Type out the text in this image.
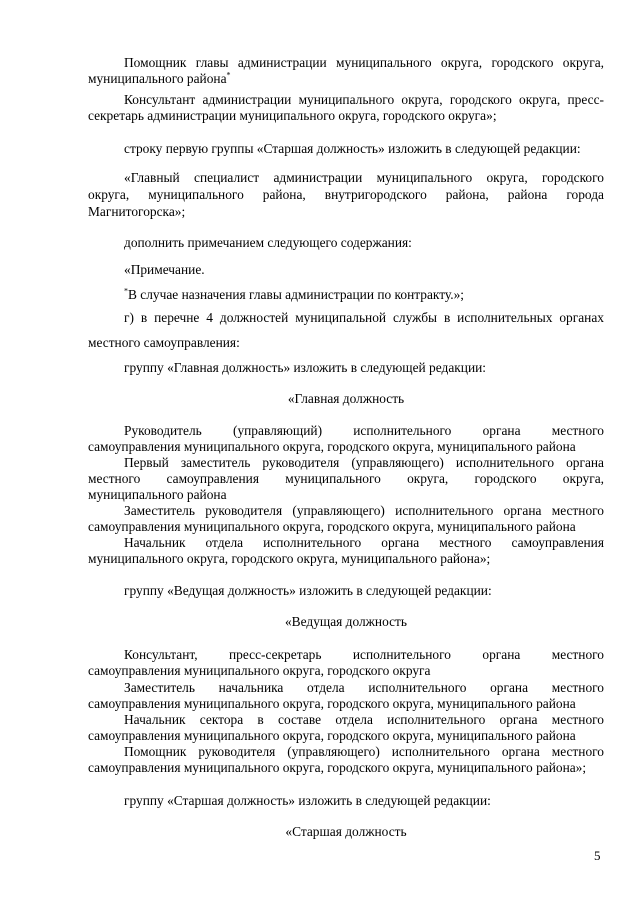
Помощник главы администрации муниципального округа, городского округа,
муниципального района*
Консультант администрации муниципального округа, городского округа, пресс-
секретарь администрации муниципального округа, городского округа»;
строку первую группы «Старшая должность» изложить в следующей редакции:
«Главный специалист администрации муниципального округа, городского
округа, муниципального района, внутригородского района, района города
Магнитогорска»;
дополнить примечанием следующего содержания:
«Примечание.
*В случае назначения главы администрации по контракту.»;
г) в перечне 4 должностей муниципальной службы в исполнительных органах
местного самоуправления:
группу «Главная должность» изложить в следующей редакции:
«Главная должность
Руководитель (управляющий) исполнительного органа местного
самоуправления муниципального округа, городского округа, муниципального района
Первый заместитель руководителя (управляющего) исполнительного органа
местного самоуправления муниципального округа, городского округа,
муниципального района
Заместитель руководителя (управляющего) исполнительного органа местного
самоуправления муниципального округа, городского округа, муниципального района
Начальник отдела исполнительного органа местного самоуправления
муниципального округа, городского округа, муниципального района»;
группу «Ведущая должность» изложить в следующей редакции:
«Ведущая должность
Консультант, пресс-секретарь исполнительного органа местного
самоуправления муниципального округа, городского округа
Заместитель начальника отдела исполнительного органа местного
самоуправления муниципального округа, городского округа, муниципального района
Начальник сектора в составе отдела исполнительного органа местного
самоуправления муниципального округа, городского округа, муниципального района
Помощник руководителя (управляющего) исполнительного органа местного
самоуправления муниципального округа, городского округа, муниципального района»;
группу «Старшая должность» изложить в следующей редакции:
«Старшая должность
5
